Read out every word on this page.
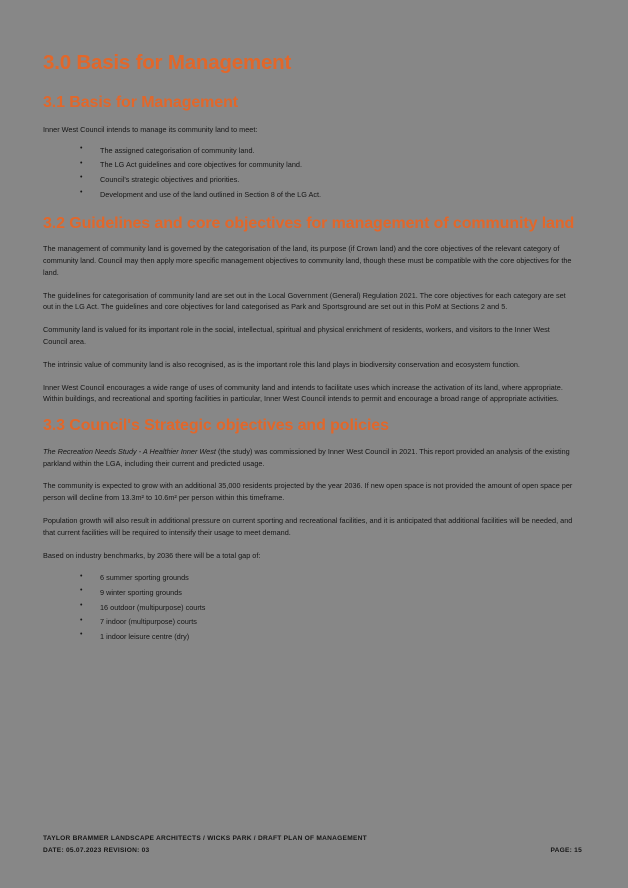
3.0 Basis for Management
3.1 Basis for Management

Inner West Council intends to manage its community land to meet:

• The assigned categorisation of community land.
• The LG Act guidelines and core objectives for community land.
• Council's strategic objectives and priorities.
• Development and use of the land outlined in Section 8 of the LG Act.
3.2 Guidelines and core objectives for management of community land

The management of community land is governed by the categorisation of the land, its purpose (if Crown land) and the core objectives of the relevant category of community land. Council may then apply more specific management objectives to community land, though these must be compatible with the core objectives for the land.

The guidelines for categorisation of community land are set out in the Local Government (General) Regulation 2021. The core objectives for each category are set out in the LG Act. The guidelines and core objectives for land categorised as Park and Sportsground are set out in this PoM at Sections 2 and 5.

Community land is valued for its important role in the social, intellectual, spiritual and physical enrichment of residents, workers, and visitors to the Inner West Council area.

The intrinsic value of community land is also recognised, as is the important role this land plays in biodiversity conservation and ecosystem function.

Inner West Council encourages a wide range of uses of community land and intends to facilitate uses which increase the activation of its land, where appropriate. Within buildings, and recreational and sporting facilities in particular, Inner West Council intends to permit and encourage a broad range of appropriate activities.

3.3 Council's Strategic objectives and policies

The Recreation Needs Study - A Healthier Inner West (the study) was commissioned by Inner West Council in 2021. This report provided an analysis of the existing parkland within the LGA, including their current and predicted usage.

The community is expected to grow with an additional 35,000 residents projected by the year 2036. If new open space is not provided the amount of open space per person will decline from 13.3m² to 10.6m² per person within this timeframe.

Population growth will also result in additional pressure on current sporting and recreational facilities, and it is anticipated that additional facilities will be needed, and that current facilities will be required to intensify their usage to meet demand.

Based on industry benchmarks, by 2036 there will be a total gap of:

• 6 summer sporting grounds
• 9 winter sporting grounds
• 16 outdoor (multipurpose) courts
• 7 indoor (multipurpose) courts
• 1 indoor leisure centre (dry)
TAYLOR BRAMMER LANDSCAPE ARCHITECTS / WICKS PARK / DRAFT PLAN OF MANAGEMENT
DATE: 05.07.2023 REVISION: 03	PAGE: 15
